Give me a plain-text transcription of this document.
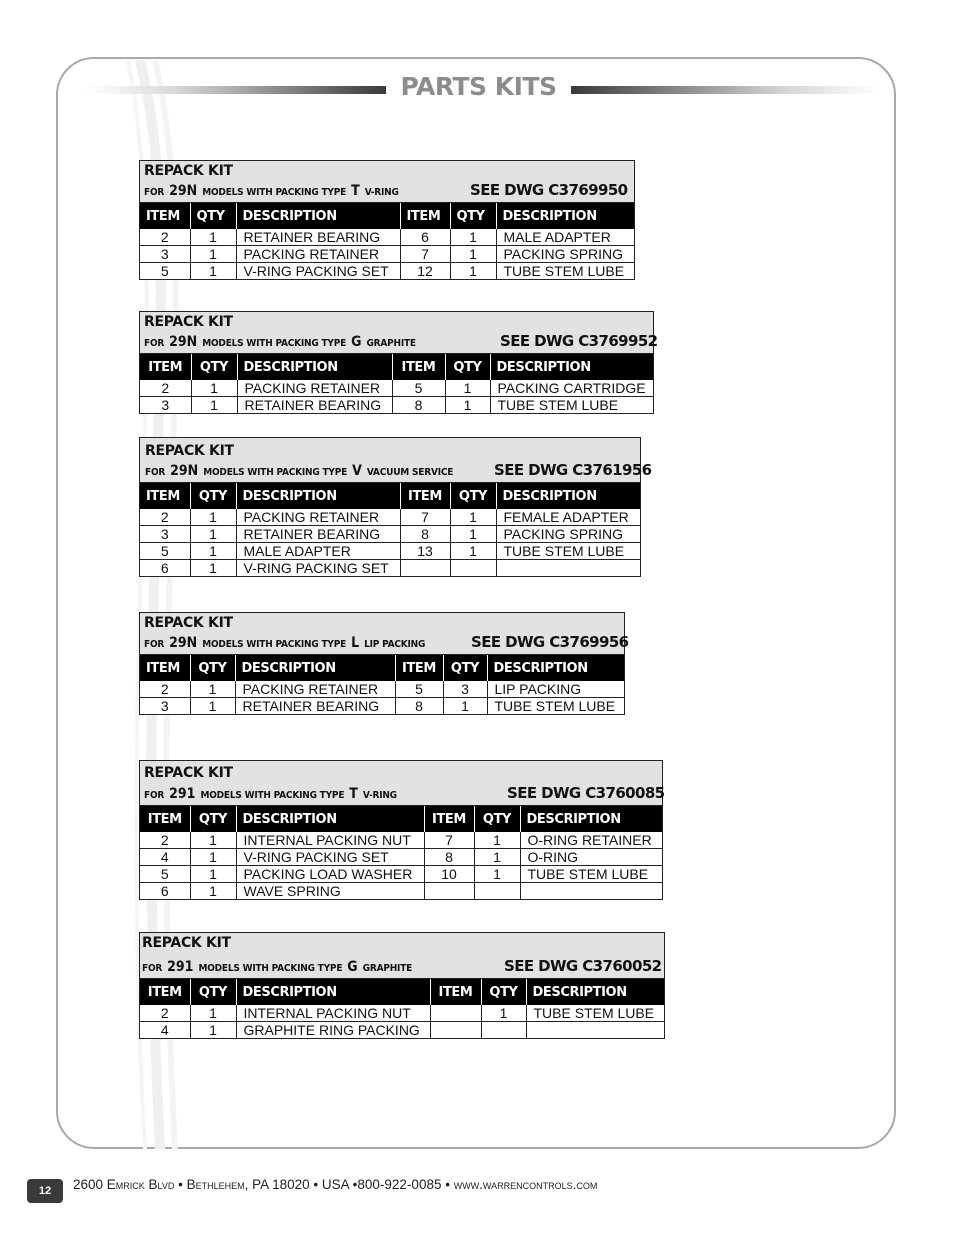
PARTS KITS
REPACK KIT
FOR 29N MODELS WITH PACKING TYPE T V-RING	SEE DWG C3769950
ITEM	QTY	DESCRIPTION	ITEM	QTY	DESCRIPTION
2	1	RETAINER BEARING	6	1	MALE ADAPTER
3	1	PACKING RETAINER	7	1	PACKING SPRING
5	1	V-RING PACKING SET	12	1	TUBE STEM LUBE
REPACK KIT
FOR 29N MODELS WITH PACKING TYPE G GRAPHITE	SEE DWG C3769952
ITEM	QTY	DESCRIPTION	ITEM	QTY	DESCRIPTION
2	1	PACKING RETAINER	5	1	PACKING CARTRIDGE
3	1	RETAINER BEARING	8	1	TUBE STEM LUBE
REPACK KIT
FOR 29N MODELS WITH PACKING TYPE V VACUUM SERVICE	SEE DWG C3761956
ITEM	QTY	DESCRIPTION	ITEM	QTY	DESCRIPTION
2	1	PACKING RETAINER	7	1	FEMALE ADAPTER
3	1	RETAINER BEARING	8	1	PACKING SPRING
5	1	MALE ADAPTER	13	1	TUBE STEM LUBE
6	1	V-RING PACKING SET			
REPACK KIT
FOR 29N MODELS WITH PACKING TYPE L LIP PACKING	SEE DWG C3769956
ITEM	QTY	DESCRIPTION	ITEM	QTY	DESCRIPTION
2	1	PACKING RETAINER	5	3	LIP PACKING
3	1	RETAINER BEARING	8	1	TUBE STEM LUBE
REPACK KIT
FOR 291 MODELS WITH PACKING TYPE T V-RING	SEE DWG C3760085
ITEM	QTY	DESCRIPTION	ITEM	QTY	DESCRIPTION
2	1	INTERNAL PACKING NUT	7	1	O-RING RETAINER
4	1	V-RING PACKING SET	8	1	O-RING
5	1	PACKING LOAD WASHER	10	1	TUBE STEM LUBE
6	1	WAVE SPRING			
REPACK KIT
FOR 291 MODELS WITH PACKING TYPE G GRAPHITE	SEE DWG C3760052
ITEM	QTY	DESCRIPTION	ITEM	QTY	DESCRIPTION
2	1	INTERNAL PACKING NUT		1	TUBE STEM LUBE
4	1	GRAPHITE RING PACKING			
12	2600 Emrick Blvd • Bethlehem, PA 18020 • USA •800-922-0085 • www.warrencontrols.com
